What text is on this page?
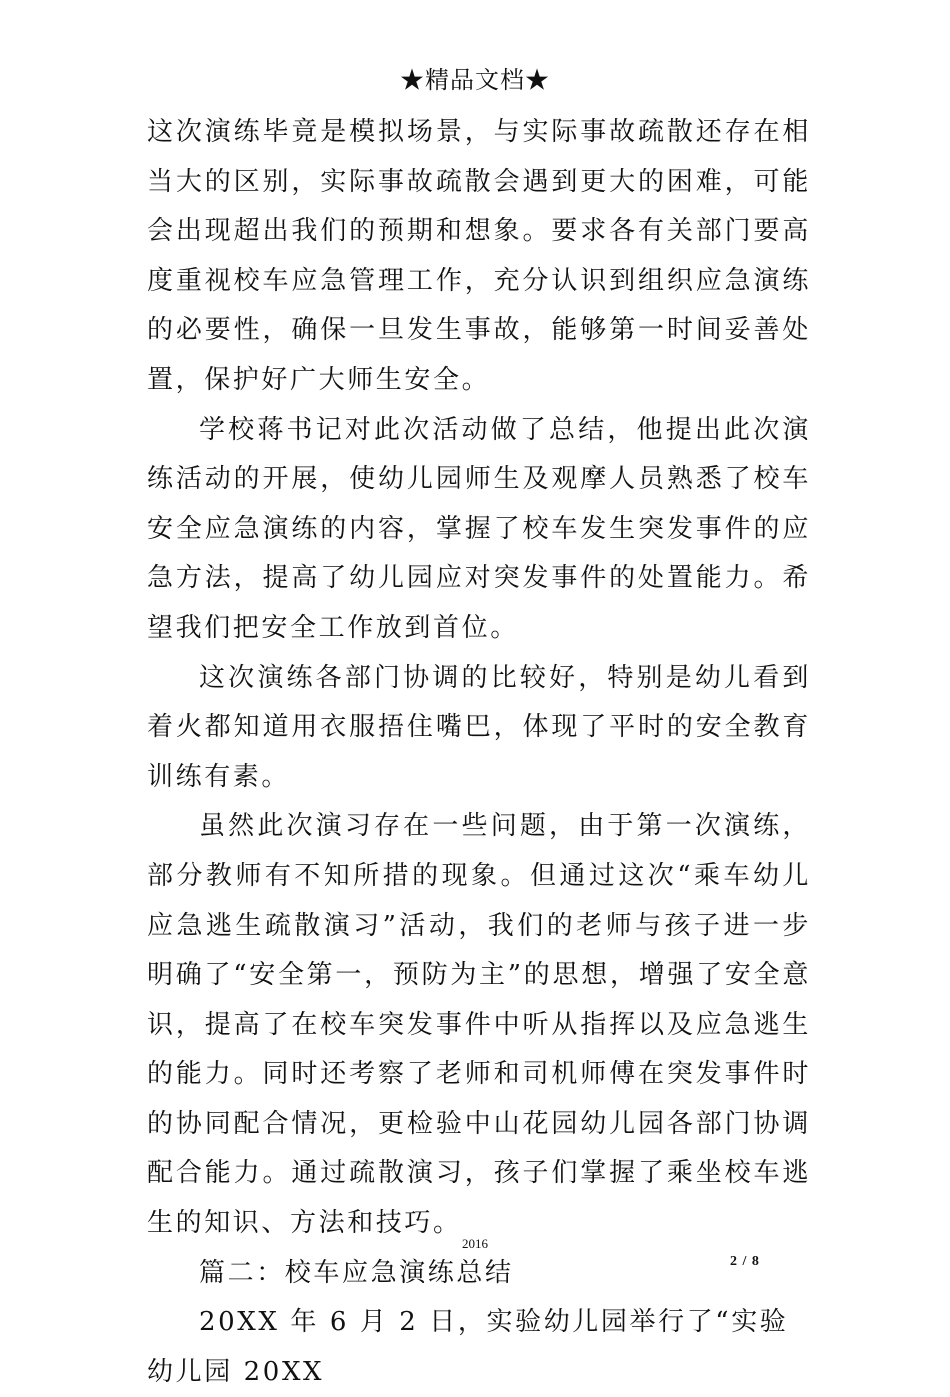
★精品文档★

这次演练毕竟是模拟场景，与实际事故疏散还存在相当大的区别，实际事故疏散会遇到更大的困难，可能会出现超出我们的预期和想象。要求各有关部门要高度重视校车应急管理工作，充分认识到组织应急演练的必要性，确保一旦发生事故，能够第一时间妥善处置，保护好广大师生安全。

学校蒋书记对此次活动做了总结，他提出此次演练活动的开展，使幼儿园师生及观摩人员熟悉了校车安全应急演练的内容，掌握了校车发生突发事件的应急方法，提高了幼儿园应对突发事件的处置能力。希望我们把安全工作放到首位。

这次演练各部门协调的比较好，特别是幼儿看到着火都知道用衣服捂住嘴巴，体现了平时的安全教育训练有素。

虽然此次演习存在一些问题，由于第一次演练，部分教师有不知所措的现象。但通过这次“乘车幼儿应急逃生疏散演习”活动，我们的老师与孩子进一步明确了“安全第一，预防为主”的思想，增强了安全意识，提高了在校车突发事件中听从指挥以及应急逃生的能力。同时还考察了老师和司机师傅在突发事件时的协同配合情况，更检验中山花园幼儿园各部门协调配合能力。通过疏散演习，孩子们掌握了乘坐校车逃生的知识、方法和技巧。

篇二：校车应急演练总结

20XX 年 6 月 2 日，实验幼儿园举行了“实验幼儿园 20XX

2016
2 / 8
